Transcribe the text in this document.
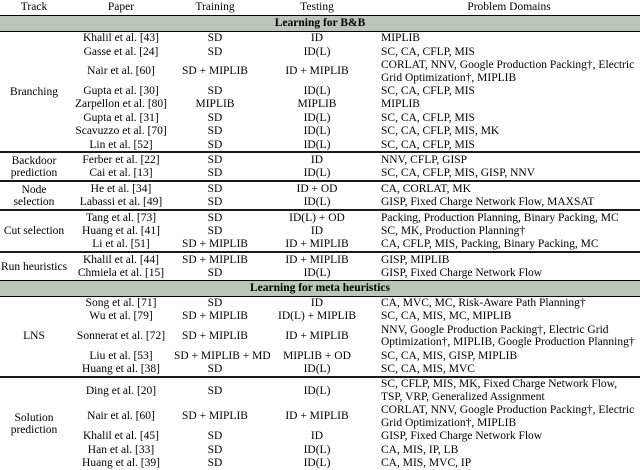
Track	Paper	Training	Testing	Problem Domains
Learning for B&B				
Branching	Khalil et al. [43]	SD	ID	MIPLIB
	Gasse et al. [24]	SD	ID(L)	SC, CA, CFLP, MIS
	Nair et al. [60]	SD + MIPLIB	ID + MIPLIB	CORLAT, NNV, Google Production Packing†, Electric Grid Optimization†, MIPLIB
	Gupta et al. [30]	SD	ID(L)	SC, CA, CFLP, MIS
	Zarpellon et al. [80]	MIPLIB	MIPLIB	MIPLIB
	Gupta et al. [31]	SD	ID(L)	SC, CA, CFLP, MIS
	Scavuzzo et al. [70]	SD	ID(L)	SC, CA, CFLP, MIS, MK
	Lin et al. [52]	SD	ID(L)	SC, CA, CFLP, MIS
Backdoor prediction	Ferber et al. [22]	SD	ID	NNV, CFLP, GISP
	Cai et al. [13]	SD	ID(L)	SC, CA, CFLP, MIS, GISP, NNV
Node selection	He et al. [34]	SD	ID + OD	CA, CORLAT, MK
	Labassi et al. [49]	SD	ID(L)	GISP, Fixed Charge Network Flow, MAXSAT
Cut selection	Tang et al. [73]	SD	ID(L) + OD	Packing, Production Planning, Binary Packing, MC
	Huang et al. [41]	SD	ID	SC, MK, Production Planning†
	Li et al. [51]	SD + MIPLIB	ID + MIPLIB	CA, CFLP, MIS, Packing, Binary Packing, MC
Run heuristics	Khalil et al. [44]	SD + MIPLIB	ID + MIPLIB	GISP, MIPLIB
	Chmiela et al. [15]	SD	ID(L)	GISP, Fixed Charge Network Flow
Learning for meta heuristics				
LNS	Song et al. [71]	SD	ID	CA, MVC, MC, Risk-Aware Path Planning†
	Wu et al. [79]	SD + MIPLIB	ID(L) + MIPLIB	SC, CA, MIS, MC, MIPLIB
	Sonnerat et al. [72]	SD + MIPLIB	ID + MIPLIB	NNV, Google Production Packing†, Electric Grid Optimization†, MIPLIB, Google Production Planning†
	Liu et al. [53]	SD + MIPLIB + MD	MIPLIB + OD	SC, CA, MIS, GISP, MIPLIB
	Huang et al. [38]	SD	ID(L)	SC, CA, MIS, MVC
Solution prediction	Ding et al. [20]	SD	ID(L)	SC, CFLP, MIS, MK, Fixed Charge Network Flow, TSP, VRP, Generalized Assignment
	Nair et al. [60]	SD + MIPLIB	ID + MIPLIB	CORLAT, NNV, Google Production Packing†, Electric Grid Optimization†, MIPLIB
	Khalil et al. [45]	SD	ID	GISP, Fixed Charge Network Flow
	Han et al. [33]	SD	ID(L)	CA, MIS, IP, LB
	Huang et al. [39]	SD	ID(L)	CA, MIS, MVC, IP
